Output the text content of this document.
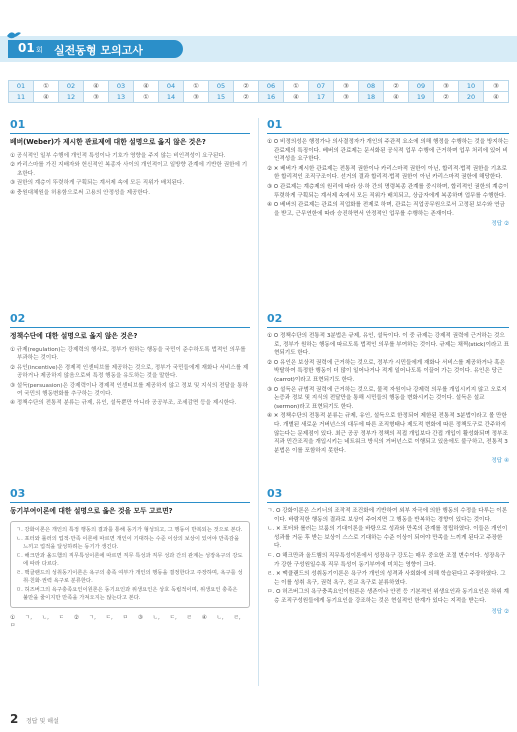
01 회 실전동형 모의고사
01	①	02	④	03	④	04	①	05	②	06	①	07	③	08	②	09	③	10	③
11	④	12	③	13	①	14	③	15	②	16	④	17	③	18	④	19	②	20	④
01
베버(Weber)가 제시한 관료제에 대한 설명으로 옳지 않은 것은?
① 공식적인 일부 수행에 개인적 특성이나 기호가 영향을 주지 않는 비인격성이 요구된다.
② 카리스마를 가진 지배자와 헌신적인 복종자 사이의 개인적이고 일방향 관계에 기반한 권한에 기초한다.
③ 권한의 계층이 뚜렷하게 구획되는 계서제 속에 모든 직위가 배치된다.
④ 충원대체원을 허용함으로써 고용의 안정성을 제공한다.
02
정책수단에 대한 설명으로 옳지 않은 것은?
① 규제(regulation)는 강제력의 행사로, 정부가 원하는 행동을 국민이 준수하도록 법적인 의무를 부과하는 것이다.
② 유인(incentive)은 경제적 인센티브를 제공하는 것으로, 정부가 국민들에게 재화나 서비스를 제공하거나 제공하지 않음으로써 특정 행동을 유도하는 것을 말한다.
③ 설득(persuasion)은 강제력이나 경제적 인센티브를 제공하지 않고 정보 및 지식의 전달을 통하여 국민의 행동변화를 추구하는 것이다.
④ 정책수단의 전통적 분류는 규제, 유인, 설득뿐만 아니라 공공부조, 조세감면 등을 제시한다.
03
동기부여이론에 대한 설명으로 옳은 것을 모두 고르면?
ㄱ. 강화이론은 개인의 특정 행동의 결과를 통해 동기가 형성되고, 그 행동이 반복되는 것으로 본다.
ㄴ. 포터와 롤러의 업적·만족 이론에 따르면 개인이 기대하는 수준 이상의 보상이 있어야 만족감을 느끼고 업적을 달성하려는 동기가 생긴다.
ㄷ. 해크만과 올드햄의 직무특성이론에 따르면 직무 특성과 직무 성과 간의 관계는 성장욕구의 강도에 따라 다르다.
ㄹ. 맥클랜드의 성취동기이론은 욕구의 충족 여부가 개인의 행동을 결정한다고 주장하며, 욕구를 성취·친화·권력 욕구로 분류한다.
ㅁ. 허즈버그의 욕구충족요인이원론은 동기요인과 위생요인은 상호 독립적이며, 위생요인 충족은 불만을 줄이지만 만족을 가져오지는 않는다고 본다.
① ㄱ, ㄴ, ㄷ ② ㄱ, ㄷ, ㅁ ③ ㄴ, ㄷ, ㄹ ④ ㄴ, ㄹ, ㅁ
01
① ⭘ 비정의성은 행정가나 의사결정자가 개인의 주관적 요소에 의해 행정을 수행하는 것을 방지하는 관료제의 특징이다. 베버의 관료제는 문서화된 공식적 업무 수행에 근거하며 업무 처리에 있어 비인격성을 요구한다.
② ✕ 베버가 제시한 관료제는 전통적 권한이나 카리스마적 권한이 아닌, 합리적·법적 권한을 기초로 한 합리적인 조직구조이다. 선거의 결과 합리적·법적 권한이 아닌 카리스마적 권한에 해당한다.
③ ⭘ 관료제는 계층제의 원리에 따라 상·하 간의 명령복종 관계를 중시하며, 합리적인 권한의 계층이 뚜렷하게 구획되는 계서제 속에서 모든 직위가 배치되고, 상급자에게 복종하며 업무를 수행한다.
④ ⭘ 베버의 관료제는 관료의 직업화를 전제로 하며, 관료는 직업공무원으로서 고정된 보수와 연금을 받고, 근무연한에 따라 승진하면서 안정적인 업무를 수행하는 존재이다.
정답 ②
02
① ⭘ 정책수단의 전통적 3분법은 규제, 유인, 설득이다. 이 중 규제는 강제적 권력에 근거하는 것으로, 정부가 원하는 행동에 따르도록 법적인 의무를 부여하는 것이다. 규제는 채찍(stick)이라고 표현되기도 한다.
② ⭘ 유인은 보상적 권력에 근거하는 것으로, 정부가 시민들에게 재화나 서비스를 제공하거나 혹은 박탈하여 특정한 행동이 더 많이 일어나거나 적게 일어나도록 이끌어 가는 것이다. 유인은 당근(carrot)이라고 표현되기도 한다.
③ ⭘ 설득은 규범적 권력에 근거하는 것으로, 물적 자원이나 강제력 의무를 개입시키지 않고 오로지 논증과 정보 및 지식의 전달만을 통해 시민들의 행동을 변화시키는 것이다. 설득은 설교(sermon)라고 표현되기도 한다.
④ ✕ 정책수단의 전통적 분류는 규제, 유인, 설득으로 한정되어 제한된 전통적 3분법이라고 볼 만한다. 개별된 새로운 거버넌스의 대두에 따른 조직형태나 제도적 변화에 따른 정책도구로 간주하지 않는다는 문제점이 있다. 최근 공공 정부가 정책의 직접 개입보다 간접 개입이 활성화되며 정부조직과 민간조직을 개입시키는 네트워크 방식의 거버넌스로 이행되고 있음에도 불구하고, 전통적 3분법은 이를 포함하지 못한다.
정답 ④
03
ㄱ. ⭘ 강화이론은 스키너의 조작적 조건화에 기반하여 외부 자극에 의한 행동의 수정을 다루는 이론이다. 바람직한 행동의 결과로 보상이 주어지면 그 행동을 반복하는 경향이 있다는 것이다.
ㄴ. ✕ 포터와 롤러는 브룸의 기대이론을 바탕으로 성과와 만족의 관계를 정립하였다. 이들은 개인이 성과를 거둔 후 받는 보상이 스스로 기대하는 수준 이상이 되어야 만족을 느끼게 된다고 주장한다.
ㄷ. ⭘ 해크만과 올드햄의 직무특성이론에서 성장욕구 강도는 매우 중요한 조절 변수이다. 성장욕구가 강한 구성원일수록 직무 특성이 동기부여에 미치는 영향이 크다.
ㄹ. ✕ 맥클랜드의 성취동기이론은 욕구가 개인의 성격과 사회화에 의해 학습된다고 주장하였다. 그는 이를 성취 욕구, 권력 욕구, 친교 욕구로 분류하였다.
ㅁ. ⭘ 허즈버그의 욕구충족요인이원론은 생존이나 안전 등 기본적인 위생요인과 동기요인은 하위 계층 조직구성원들에게 동기요인을 강조하는 것은 현실적인 한계가 있다는 지적을 받는다.
정답 ②
2 정답 및 해설
